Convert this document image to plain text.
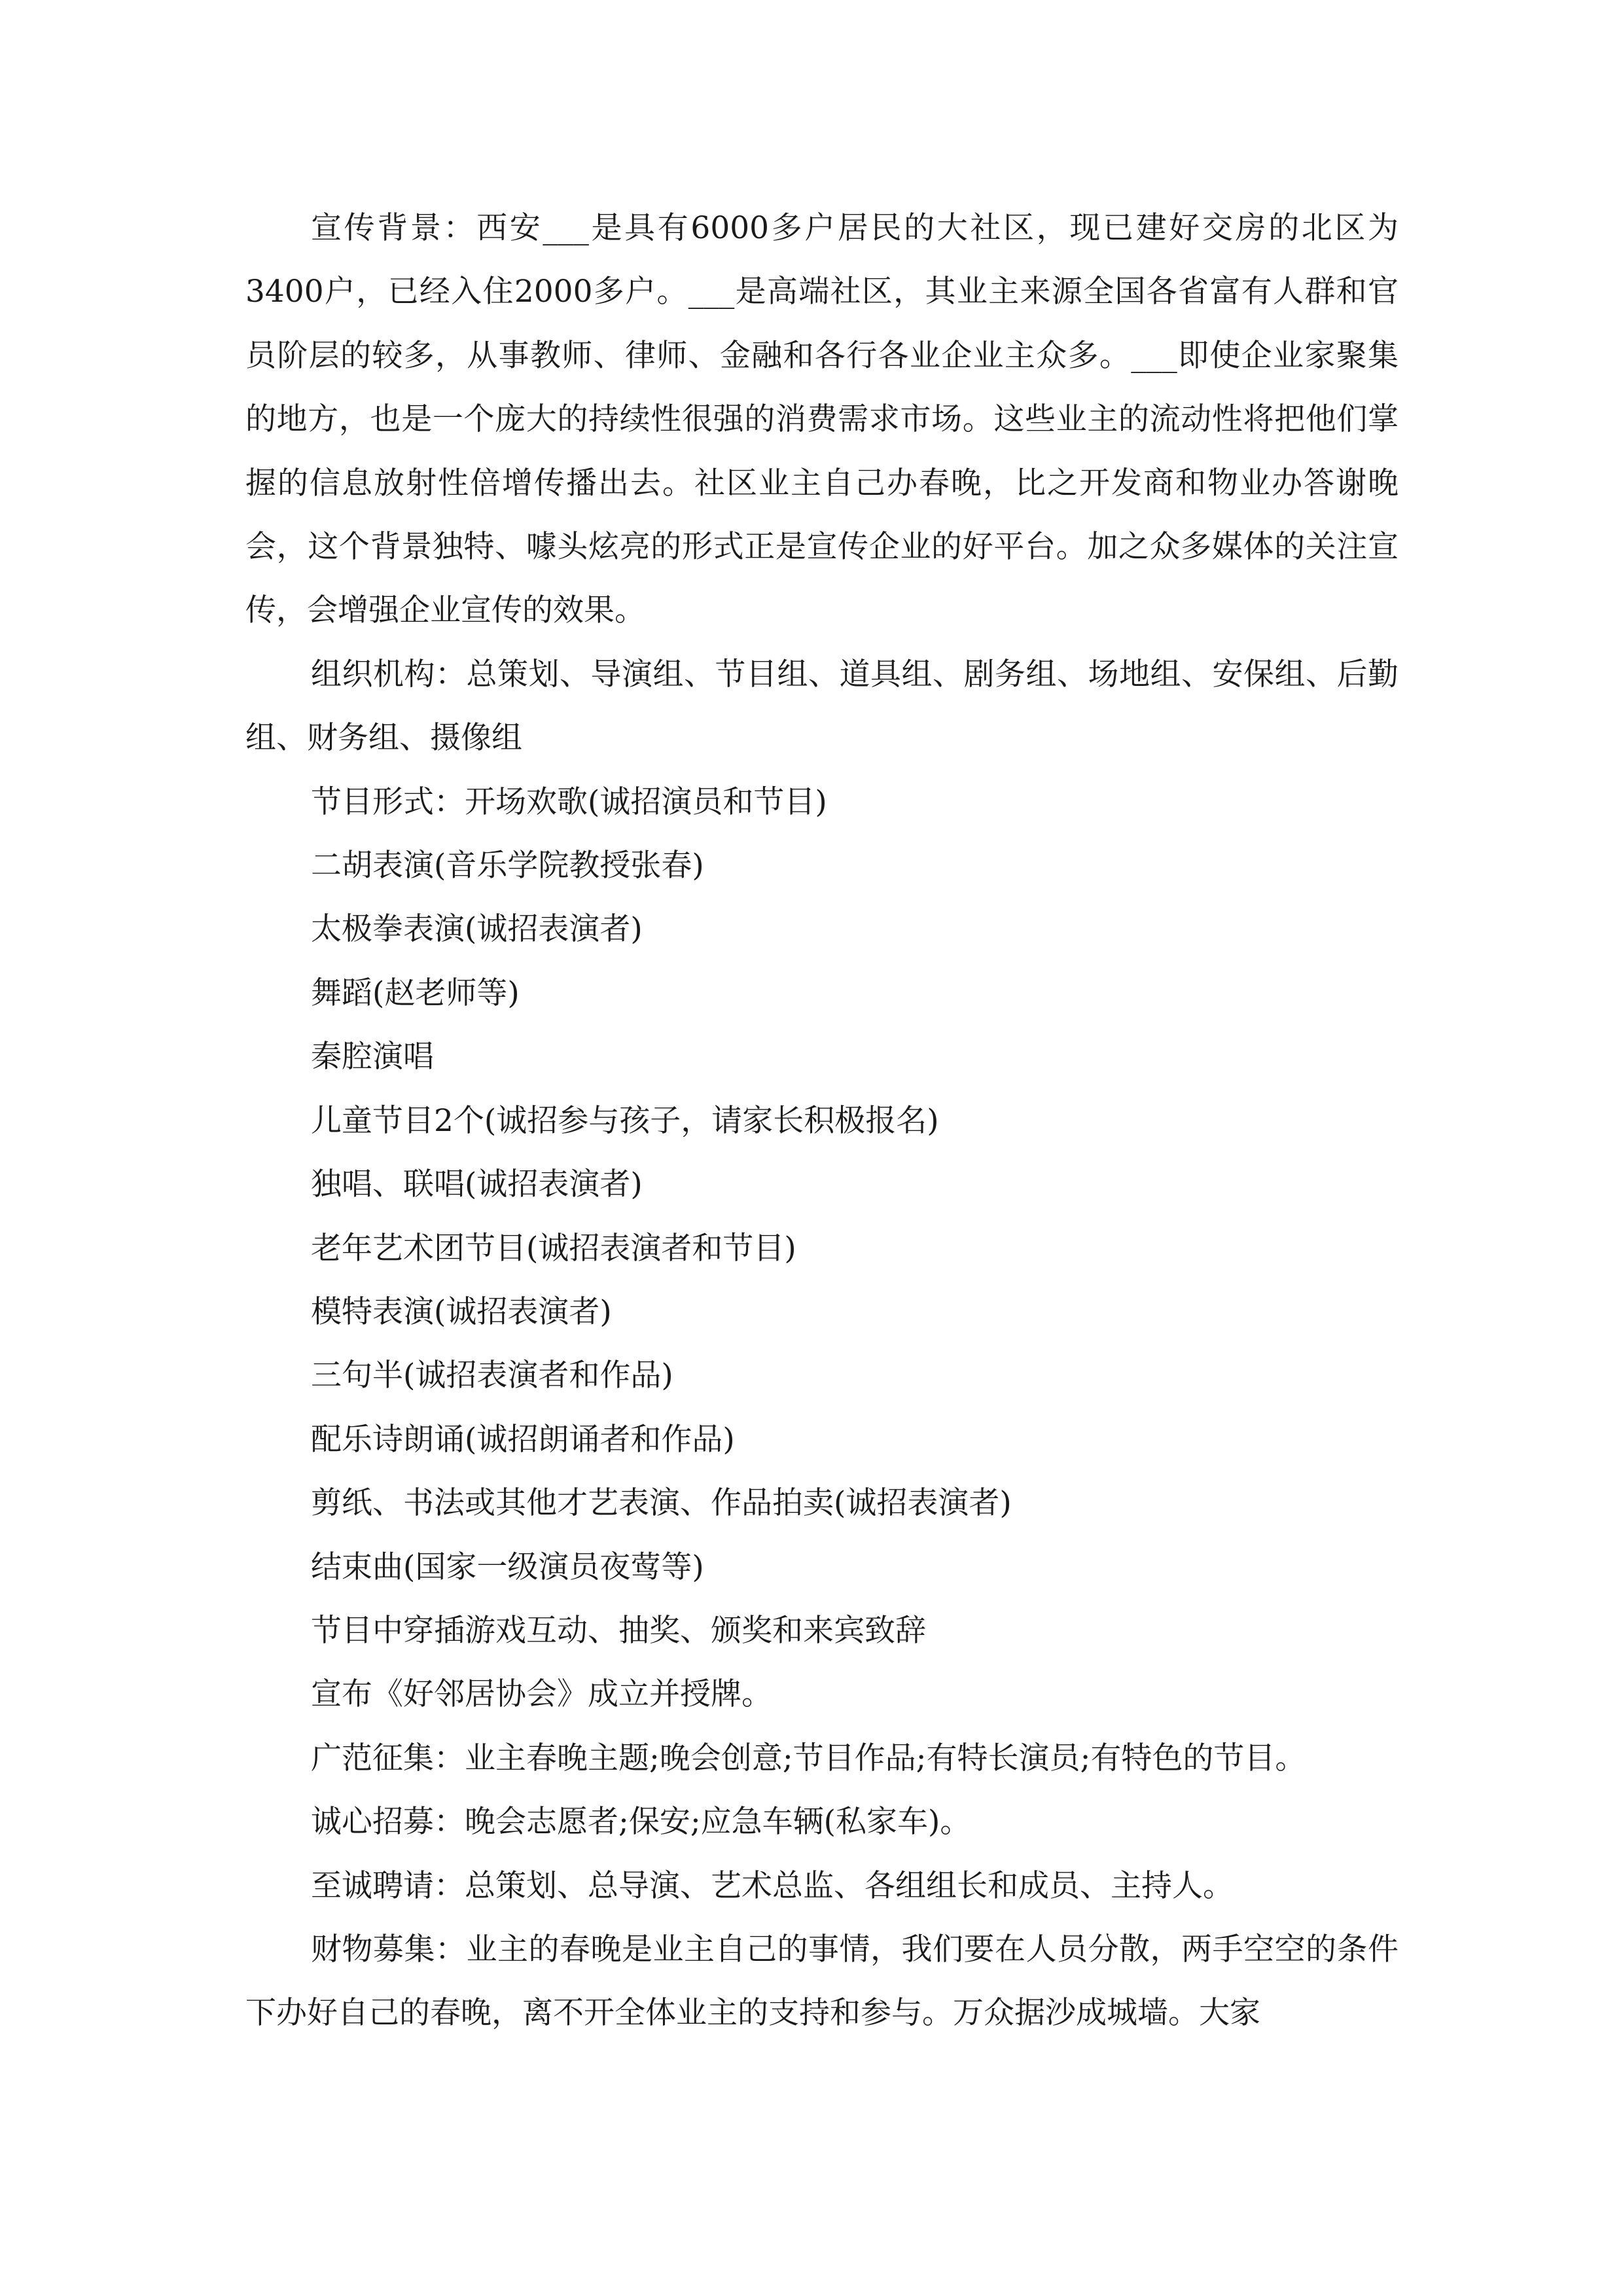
宣传背景：西安___是具有6000多户居民的大社区，现已建好交房的北区为3400户，已经入住2000多户。___是高端社区，其业主来源全国各省富有人群和官员阶层的较多，从事教师、律师、金融和各行各业企业主众多。___即使企业家聚集的地方，也是一个庞大的持续性很强的消费需求市场。这些业主的流动性将把他们掌握的信息放射性倍增传播出去。社区业主自己办春晚，比之开发商和物业办答谢晚会，这个背景独特、噱头炫亮的形式正是宣传企业的好平台。加之众多媒体的关注宣传，会增强企业宣传的效果。

组织机构：总策划、导演组、节目组、道具组、剧务组、场地组、安保组、后勤组、财务组、摄像组

节目形式：开场欢歌(诚招演员和节目)

二胡表演(音乐学院教授张春)

太极拳表演(诚招表演者)

舞蹈(赵老师等)

秦腔演唱

儿童节目2个(诚招参与孩子，请家长积极报名)

独唱、联唱(诚招表演者)

老年艺术团节目(诚招表演者和节目)

模特表演(诚招表演者)

三句半(诚招表演者和作品)

配乐诗朗诵(诚招朗诵者和作品)

剪纸、书法或其他才艺表演、作品拍卖(诚招表演者)

结束曲(国家一级演员夜莺等)

节目中穿插游戏互动、抽奖、颁奖和来宾致辞

宣布《好邻居协会》成立并授牌。

广范征集：业主春晚主题;晚会创意;节目作品;有特长演员;有特色的节目。

诚心招募：晚会志愿者;保安;应急车辆(私家车)。

至诚聘请：总策划、总导演、艺术总监、各组组长和成员、主持人。

财物募集：业主的春晚是业主自己的事情，我们要在人员分散，两手空空的条件下办好自己的春晚，离不开全体业主的支持和参与。万众据沙成城墙。大家
